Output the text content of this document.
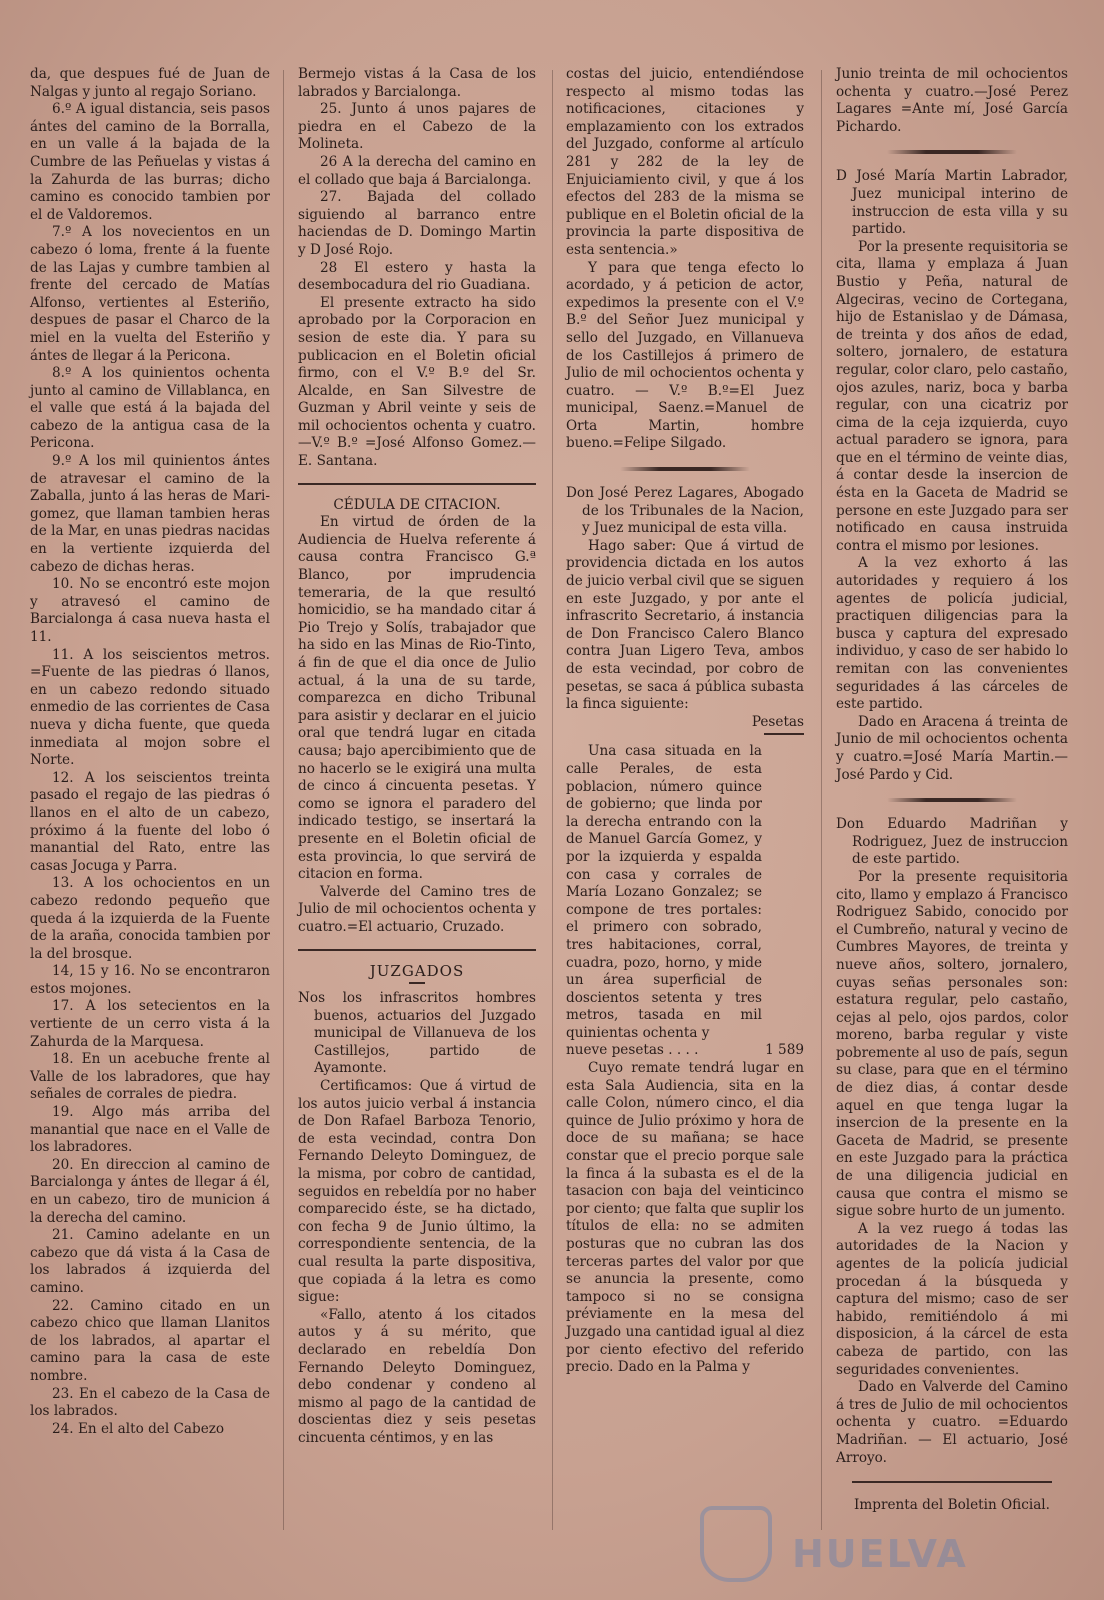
da, que despues fué de Juan de Nalgas y junto al regajo Soriano.

6.º A igual distancia, seis pasos ántes del camino de la Borralla, en un valle á la bajada de la Cumbre de las Peñuelas y vistas á la Zahurda de las burras; dicho camino es conocido tambien por el de Valdoremos.

7.º A los novecientos en un cabezo ó loma, frente á la fuente de las Lajas y cumbre tambien al frente del cercado de Matías Alfonso, vertientes al Esteriño, despues de pasar el Charco de la miel en la vuelta del Esteriño y ántes de llegar á la Pericona.

8.º A los quinientos ochenta junto al camino de Villablanca, en el valle que está á la bajada del cabezo de la antigua casa de la Pericona.

9.º A los mil quinientos ántes de atravesar el camino de la Zaballa, junto á las heras de Mari-gomez, que llaman tambien heras de la Mar, en unas piedras nacidas en la vertiente izquierda del cabezo de dichas heras.

10. No se encontró este mojon y atravesó el camino de Barcialonga á casa nueva hasta el 11.

11. A los seiscientos metros. =Fuente de las piedras ó llanos, en un cabezo redondo situado enmedio de las corrientes de Casa nueva y dicha fuente, que queda inmediata al mojon sobre el Norte.

12. A los seiscientos treinta pasado el regajo de las piedras ó llanos en el alto de un cabezo, próximo á la fuente del lobo ó manantial del Rato, entre las casas Jocuga y Parra.

13. A los ochocientos en un cabezo redondo pequeño que queda á la izquierda de la Fuente de la araña, conocida tambien por la del brosque.

14, 15 y 16. No se encontraron estos mojones.

17. A los setecientos en la vertiente de un cerro vista á la Zahurda de la Marquesa.

18. En un acebuche frente al Valle de los labradores, que hay señales de corrales de piedra.

19. Algo más arriba del manantial que nace en el Valle de los labradores.

20. En direccion al camino de Barcialonga y ántes de llegar á él, en un cabezo, tiro de municion á la derecha del camino.

21. Camino adelante en un cabezo que dá vista á la Casa de los labrados á izquierda del camino.

22. Camino citado en un cabezo chico que llaman Llanitos de los labrados, al apartar el camino para la casa de este nombre.

23. En el cabezo de la Casa de los labrados.

24. En el alto del Cabezo

Bermejo vistas á la Casa de los labrados y Barcialonga.

25. Junto á unos pajares de piedra en el Cabezo de la Molineta.

26 A la derecha del camino en el collado que baja á Barcialonga.

27. Bajada del collado siguiendo al barranco entre haciendas de D. Domingo Martin y D José Rojo.

28 El estero y hasta la desembocadura del rio Guadiana.

El presente extracto ha sido aprobado por la Corporacion en sesion de este dia. Y para su publicacion en el Boletin oficial firmo, con el V.º B.º del Sr. Alcalde, en San Silvestre de Guzman y Abril veinte y seis de mil ochocientos ochenta y cuatro.—V.º B.º =José Alfonso Gomez.—E. Santana.

CÉDULA DE CITACION.

En virtud de órden de la Audiencia de Huelva referente á causa contra Francisco G.ª Blanco, por imprudencia temeraria, de la que resultó homicidio, se ha mandado citar á Pio Trejo y Solís, trabajador que ha sido en las Minas de Rio-Tinto, á fin de que el dia once de Julio actual, á la una de su tarde, comparezca en dicho Tribunal para asistir y declarar en el juicio oral que tendrá lugar en citada causa; bajo apercibimiento que de no hacerlo se le exigirá una multa de cinco á cincuenta pesetas. Y como se ignora el paradero del indicado testigo, se insertará la presente en el Boletin oficial de esta provincia, lo que servirá de citacion en forma.

Valverde del Camino tres de Julio de mil ochocientos ochenta y cuatro.=El actuario, Cruzado.

JUZGADOS

Nos los infrascritos hombres buenos, actuarios del Juzgado municipal de Villanueva de los Castillejos, partido de Ayamonte.

Certificamos: Que á virtud de los autos juicio verbal á instancia de Don Rafael Barboza Tenorio, de esta vecindad, contra Don Fernando Deleyto Dominguez, de la misma, por cobro de cantidad, seguidos en rebeldía por no haber comparecido éste, se ha dictado, con fecha 9 de Junio último, la correspondiente sentencia, de la cual resulta la parte dispositiva, que copiada á la letra es como sigue:

«Fallo, atento á los citados autos y á su mérito, que declarado en rebeldía Don Fernando Deleyto Dominguez, debo condenar y condeno al mismo al pago de la cantidad de doscientas diez y seis pesetas cincuenta céntimos, y en las

costas del juicio, entendiéndose respecto al mismo todas las notificaciones, citaciones y emplazamiento con los extrados del Juzgado, conforme al artículo 281 y 282 de la ley de Enjuiciamiento civil, y que á los efectos del 283 de la misma se publique en el Boletin oficial de la provincia la parte dispositiva de esta sentencia.»

Y para que tenga efecto lo acordado, y á peticion de actor, expedimos la presente con el V.º B.º del Señor Juez municipal y sello del Juzgado, en Villanueva de los Castillejos á primero de Julio de mil ochocientos ochenta y cuatro. — V.º B.º=El Juez municipal, Saenz.=Manuel de Orta Martin, hombre bueno.=Felipe Silgado.

Don José Perez Lagares, Abogado de los Tribunales de la Nacion, y Juez municipal de esta villa.

Hago saber: Que á virtud de providencia dictada en los autos de juicio verbal civil que se siguen en este Juzgado, y por ante el infrascrito Secretario, á instancia de Don Francisco Calero Blanco contra Juan Ligero Teva, ambos de esta vecindad, por cobro de pesetas, se saca á pública subasta la finca siguiente:

Pesetas

Una casa situada en la calle Perales, de esta poblacion, número quince de gobierno; que linda por la derecha entrando con la de Manuel García Gomez, y por la izquierda y espalda con casa y corrales de María Lozano Gonzalez; se compone de tres portales: el primero con sobrado, tres habitaciones, corral, cuadra, pozo, horno, y mide un área superficial de doscientos setenta y tres metros, tasada en mil quinientas ochenta y

nueve pesetas . . . .	1 589

Cuyo remate tendrá lugar en esta Sala Audiencia, sita en la calle Colon, número cinco, el dia quince de Julio próximo y hora de doce de su mañana; se hace constar que el precio porque sale la finca á la subasta es el de la tasacion con baja del veinticinco por ciento; que falta que suplir los títulos de ella: no se admiten posturas que no cubran las dos terceras partes del valor por que se anuncia la presente, como tampoco si no se consigna préviamente en la mesa del Juzgado una cantidad igual al diez por ciento efectivo del referido precio. Dado en la Palma y

Junio treinta de mil ochocientos ochenta y cuatro.—José Perez Lagares =Ante mí, José García Pichardo.

D José María Martin Labrador, Juez municipal interino de instruccion de esta villa y su partido.

Por la presente requisitoria se cita, llama y emplaza á Juan Bustio y Peña, natural de Algeciras, vecino de Cortegana, hijo de Estanislao y de Dámasa, de treinta y dos años de edad, soltero, jornalero, de estatura regular, color claro, pelo castaño, ojos azules, nariz, boca y barba regular, con una cicatriz por cima de la ceja izquierda, cuyo actual paradero se ignora, para que en el término de veinte dias, á contar desde la insercion de ésta en la Gaceta de Madrid se persone en este Juzgado para ser notificado en causa instruida contra el mismo por lesiones.

A la vez exhorto á las autoridades y requiero á los agentes de policía judicial, practiquen diligencias para la busca y captura del expresado individuo, y caso de ser habido lo remitan con las convenientes seguridades á las cárceles de este partido.

Dado en Aracena á treinta de Junio de mil ochocientos ochenta y cuatro.=José María Martin.— José Pardo y Cid.

Don Eduardo Madriñan y Rodriguez, Juez de instruccion de este partido.

Por la presente requisitoria cito, llamo y emplazo á Francisco Rodriguez Sabido, conocido por el Cumbreño, natural y vecino de Cumbres Mayores, de treinta y nueve años, soltero, jornalero, cuyas señas personales son: estatura regular, pelo castaño, cejas al pelo, ojos pardos, color moreno, barba regular y viste pobremente al uso de país, segun su clase, para que en el término de diez dias, á contar desde aquel en que tenga lugar la insercion de la presente en la Gaceta de Madrid, se presente en este Juzgado para la práctica de una diligencia judicial en causa que contra el mismo se sigue sobre hurto de un jumento.

A la vez ruego á todas las autoridades de la Nacion y agentes de la policía judicial procedan á la búsqueda y captura del mismo; caso de ser habido, remitiéndolo á mi disposicion, á la cárcel de esta cabeza de partido, con las seguridades convenientes.

Dado en Valverde del Camino á tres de Julio de mil ochocientos ochenta y cuatro. =Eduardo Madriñan. — El actuario, José Arroyo.

Imprenta del Boletin Oficial.

HUELVA
